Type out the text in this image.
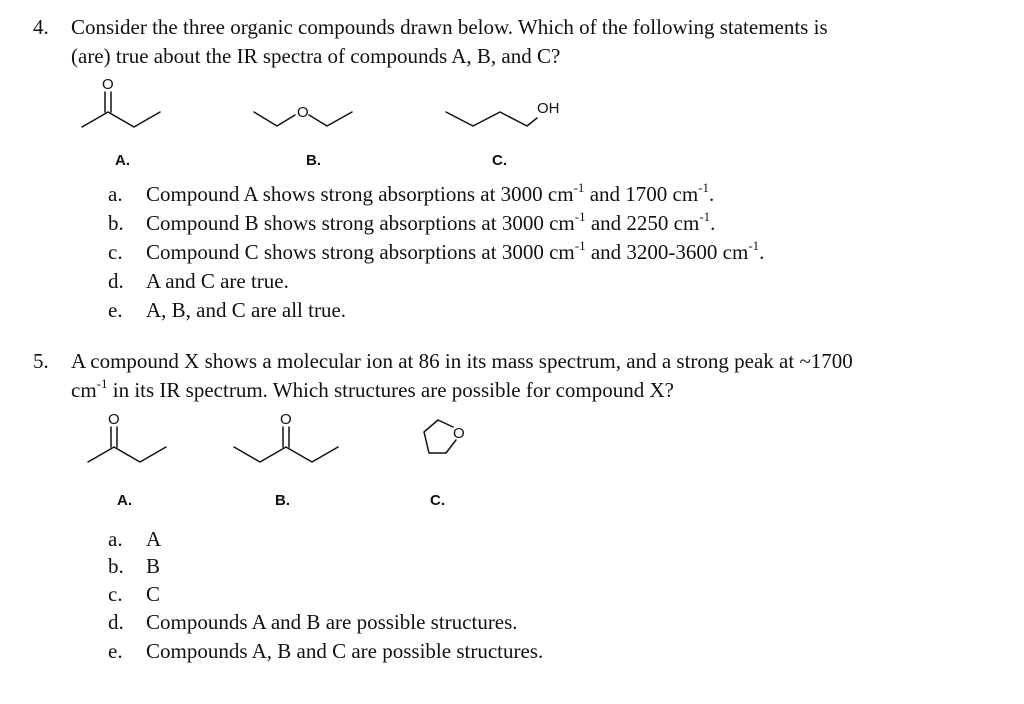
4. Consider the three organic compounds drawn below. Which of the following statements is
(are) true about the IR spectra of compounds A, B, and C?
O
O	OH
A.	B.	C.
a. Compound A shows strong absorptions at 3000 $cm^{-1}$ and 1700 $cm^{-1}$.
b. Compound B shows strong absorptions at 3000 $cm^{-1}$ and 2250 $cm^{-1}$.
c. Compound C shows strong absorptions at 3000 $cm^{-1}$ and 3200-3600 $cm^{-1}$.
d. A and C are true.
e. A, B, and C are all true.
5. A compound X shows a molecular ion at 86 in its mass spectrum, and a strong peak at ~1700
$cm^{-1}$ in its IR spectrum. Which structures are possible for compound X?
O	O
O
A.	B.	C.
a. A
b. B
c. C
d. Compounds A and B are possible structures.
e. Compounds A, B and C are possible structures.
